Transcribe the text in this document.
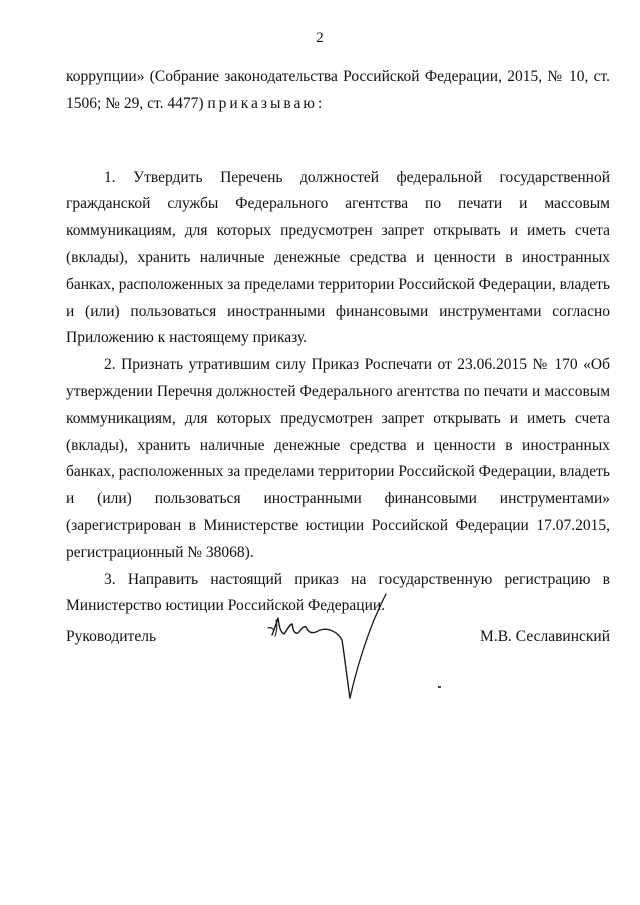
2

коррупции» (Собрание законодательства Российской Федерации, 2015, № 10, ст. 1506; № 29, ст. 4477) приказываю:

1. Утвердить Перечень должностей федеральной государственной гражданской службы Федерального агентства по печати и массовым коммуникациям, для которых предусмотрен запрет открывать и иметь счета (вклады), хранить наличные денежные средства и ценности в иностранных банках, расположенных за пределами территории Российской Федерации, владеть и (или) пользоваться иностранными финансовыми инструментами согласно Приложению к настоящему приказу.

2. Признать утратившим силу Приказ Роспечати от 23.06.2015 № 170 «Об утверждении Перечня должностей Федерального агентства по печати и массовым коммуникациям, для которых предусмотрен запрет открывать и иметь счета (вклады), хранить наличные денежные средства и ценности в иностранных банках, расположенных за пределами территории Российской Федерации, владеть и (или) пользоваться иностранными финансовыми инструментами» (зарегистрирован в Министерстве юстиции Российской Федерации 17.07.2015, регистрационный № 38068).

3. Направить настоящий приказ на государственную регистрацию в Министерство юстиции Российской Федерации.

Руководитель	М.В. Сеславинский
